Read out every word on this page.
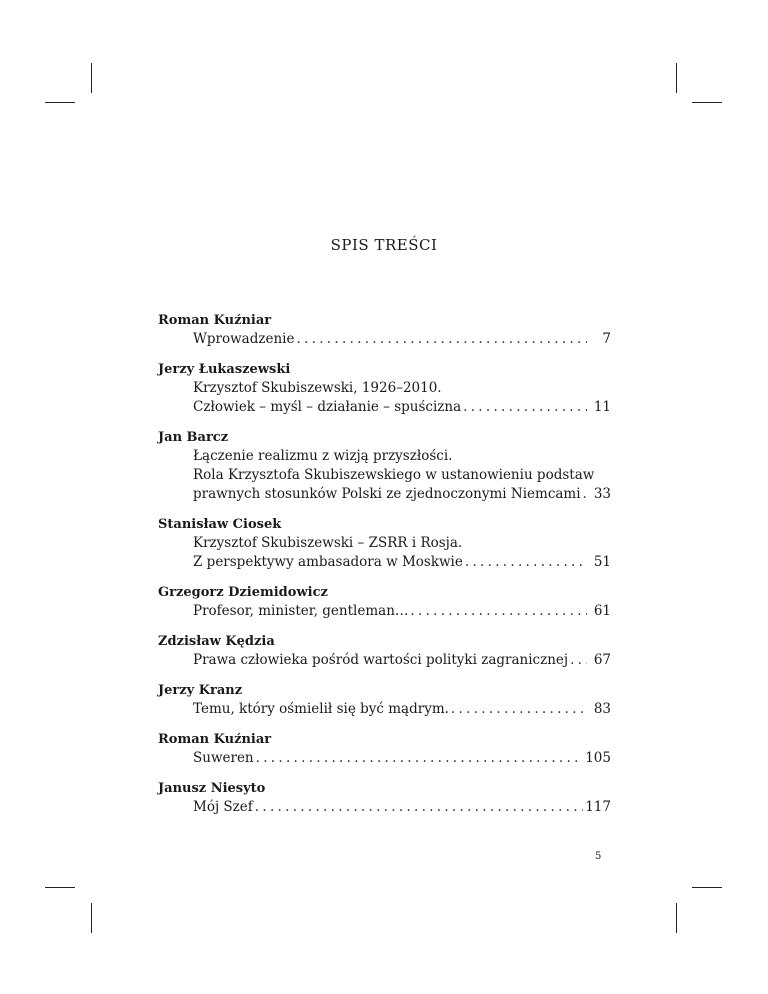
SPIS TREŚCI
Roman Kuźniar
Wprowadzenie . . .	7
Jerzy Łukaszewski
Krzysztof Skubiszewski, 1926–2010.
Człowiek – myśl – działanie – spuścizna . . .	11
Jan Barcz
Łączenie realizmu z wizją przyszłości.
Rola Krzysztofa Skubiszewskiego w ustanowieniu podstaw
prawnych stosunków Polski ze zjednoczonymi Niemcami . . . 33
Stanisław Ciosek
Krzysztof Skubiszewski – ZSRR i Rosja.
Z perspektywy ambasadora w Moskwie . . .	51
Grzegorz Dziemidowicz
Profesor, minister, gentleman… . . .	61
Zdzisław Kędzia
Prawa człowieka pośród wartości polityki zagranicznej . . .	67
Jerzy Kranz
Temu, który ośmielił się być mądrym. . . .	83
Roman Kuźniar
Suweren . . .	105
Janusz Niesyto
Mój Szef . . .	117
5
